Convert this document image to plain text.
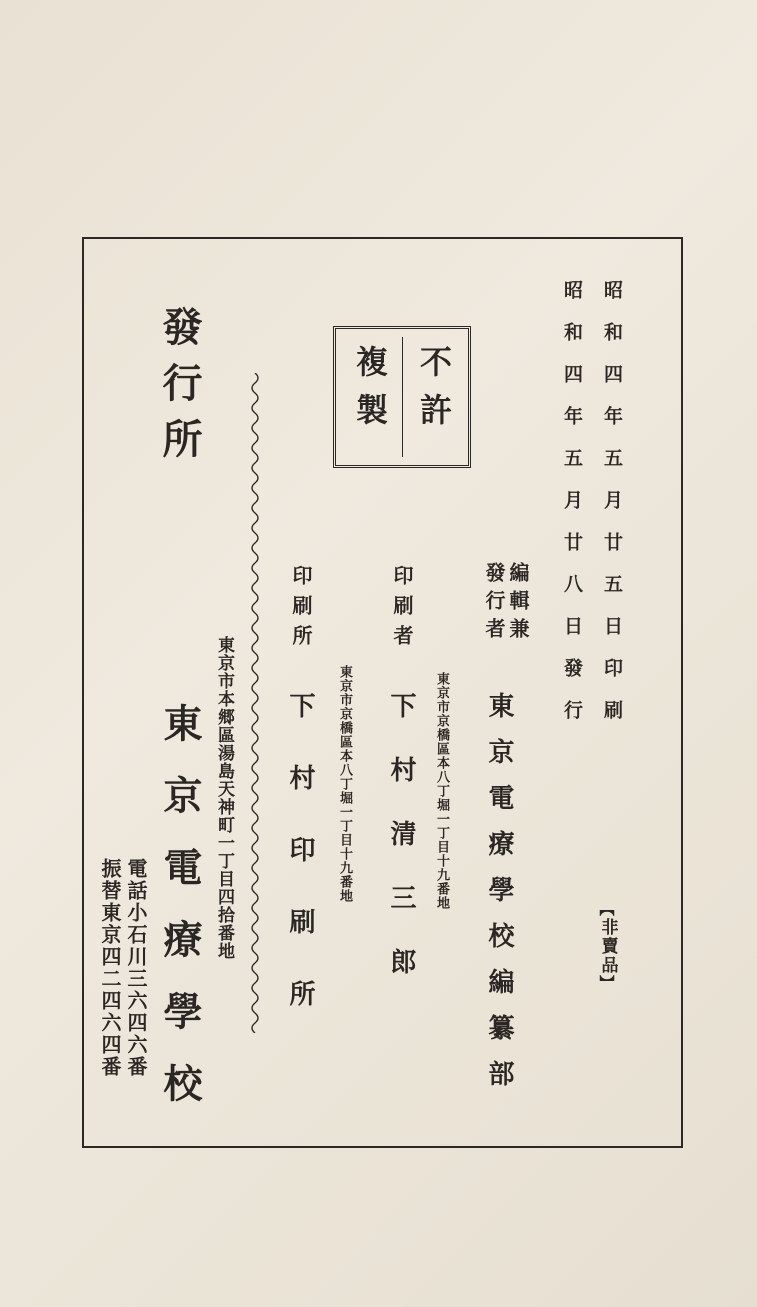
昭和四年五月廿五日印刷
昭和四年五月廿八日發行
︻
非賣品
︼
不許
複製
編輯兼
發行者
東京電療學校編纂部
東京市京橋區本八丁堀一丁目十九番地
印刷者
下村清三郎
東京市京橋區本八丁堀一丁目十九番地
印刷所
下村印刷所
發行所
東京市本郷區湯島天神町一丁目四拾番地
東京電療學校
電話小石川三六四六番
振替東京四二四六四番
